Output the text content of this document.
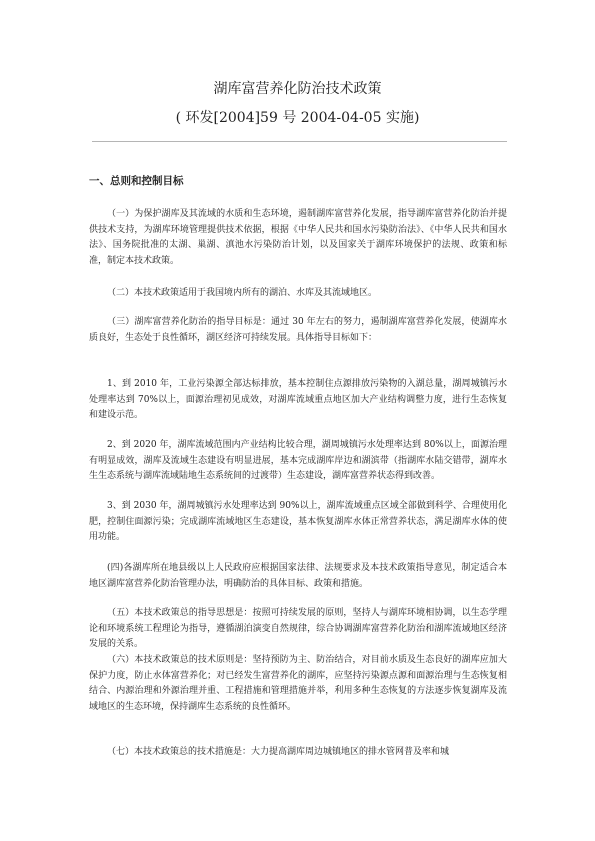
湖库富营养化防治技术政策

( 环发[2004]59 号 2004-04-05 实施)

一、总则和控制目标

（一）为保护湖库及其流域的水质和生态环境，遏制湖库富营养化发展，指导湖库富营养化防治并提供技术支持，为湖库环境管理提供技术依据，根据《中华人民共和国水污染防治法》、《中华人民共和国水法》、国务院批准的太湖、巢湖、滇池水污染防治计划，以及国家关于湖库环境保护的法规、政策和标准，制定本技术政策。

（二）本技术政策适用于我国境内所有的湖泊、水库及其流域地区。

（三）湖库富营养化防治的指导目标是：通过 30 年左右的努力，遏制湖库富营养化发展，使湖库水质良好，生态处于良性循环，湖区经济可持续发展。具体指导目标如下：

1、到 2010 年，工业污染源全部达标排放，基本控制住点源排放污染物的入湖总量，湖周城镇污水处理率达到 70%以上，面源治理初见成效，对湖库流域重点地区加大产业结构调整力度，进行生态恢复和建设示范。

2、到 2020 年，湖库流域范围内产业结构比较合理，湖周城镇污水处理率达到 80%以上，面源治理有明显成效，湖库及流域生态建设有明显进展，基本完成湖库岸边和湖滨带（指湖库水陆交错带，湖库水生生态系统与湖库流域陆地生态系统间的过渡带）生态建设，湖库富营养状态得到改善。

3、到 2030 年，湖周城镇污水处理率达到 90%以上，湖库流域重点区域全部做到科学、合理使用化肥，控制住面源污染；完成湖库流域地区生态建设，基本恢复湖库水体正常营养状态，满足湖库水体的使用功能。

(四)各湖库所在地县级以上人民政府应根据国家法律、法规要求及本技术政策指导意见，制定适合本地区湖库富营养化防治管理办法，明确防治的具体目标、政策和措施。

（五）本技术政策总的指导思想是：按照可持续发展的原则，坚持人与湖库环境相协调，以生态学理论和环境系统工程理论为指导，遵循湖泊演变自然规律，综合协调湖库富营养化防治和湖库流域地区经济发展的关系。

（六）本技术政策总的技术原则是：坚持预防为主、防治结合，对目前水质及生态良好的湖库应加大保护力度，防止水体富营养化；对已经发生富营养化的湖库，应坚持污染源点源和面源治理与生态恢复相结合、内源治理和外源治理并重、工程措施和管理措施并举，利用多种生态恢复的方法逐步恢复湖库及流域地区的生态环境，保持湖库生态系统的良性循环。

（七）本技术政策总的技术措施是：大力提高湖库周边城镇地区的排水管网普及率和城
